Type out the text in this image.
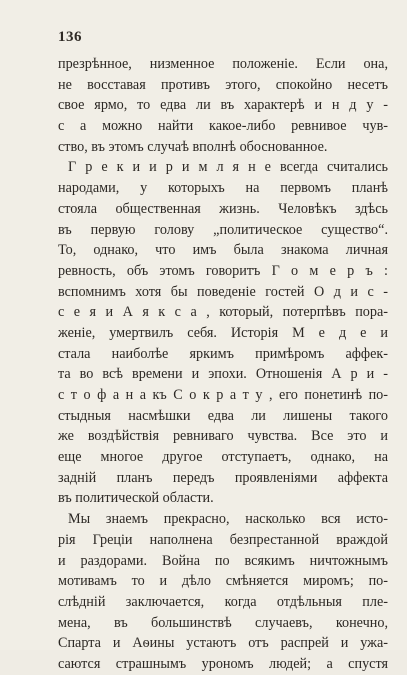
136
презрѣнное, низменное положеніе. Если она,
не восставая противъ этого, спокойно несетъ
свое ярмо, то едва ли въ характерѣ и н д у -
с а можно найти какое-либо ревнивое чув-
ство, въ этомъ случаѣ вполнѣ обоснованное.
Г р е к и и р и м л я н е всегда считались
народами, у которыхъ на первомъ планѣ
стояла общественная жизнь. Человѣкъ здѣсь
въ первую голову „политическое существо“.
То, однако, что имъ была знакома личная
ревность, объ этомъ говоритъ Г о м е р ъ :
вспомнимъ хотя бы поведеніе гостей О д и с -
с е я и А я к с а , который, потерпѣвъ пора-
женіе, умертвилъ себя. Исторія М е д е и
стала наиболѣе яркимъ примѣромъ аффек-
та во всѣ времени и эпохи. Отношенія А р и -
с т о ф а н а къ С о к р а т у , его понетинѣ по-
стыдныя насмѣшки едва ли лишены такого
же воздѣйствія ревниваго чувства. Все это и
еще многое другое отступаетъ, однако, на
задній планъ передъ проявленіями аффекта
въ политической области.
Мы знаемъ прекрасно, насколько вся исто-
рія Греціи наполнена безпрестанной враждой
и раздорами. Война по всякимъ ничтожнымъ
мотивамъ то и дѣло смѣняется миромъ; по-
слѣдній заключается, когда отдѣльныя пле-
мена, въ большинствѣ случаевъ, конечно,
Спарта и Аѳины устаютъ отъ распрей и ужа-
саются страшнымъ урономъ людей; а спустя
